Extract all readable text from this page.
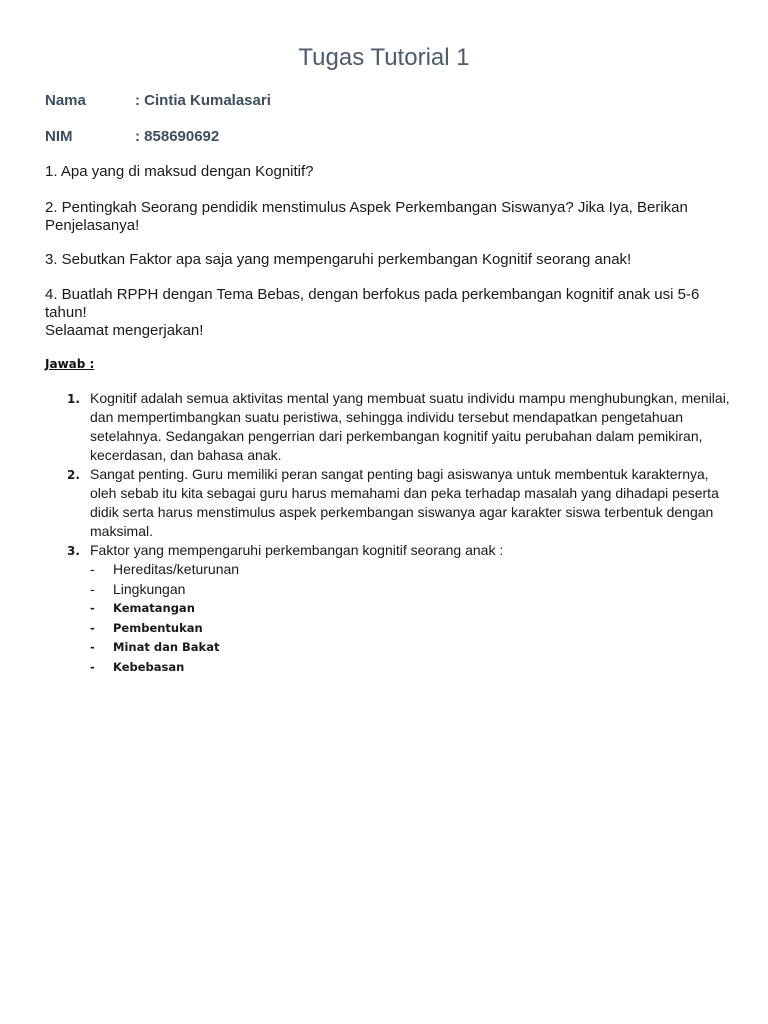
Tugas Tutorial 1
Nama	: Cintia Kumalasari
NIM	: 858690692

1. Apa yang di maksud dengan Kognitif?

2. Pentingkah Seorang pendidik menstimulus Aspek Perkembangan Siswanya? Jika Iya, Berikan Penjelasanya!

3. Sebutkan Faktor apa saja yang mempengaruhi perkembangan Kognitif seorang anak!

4. Buatlah RPPH dengan Tema Bebas, dengan berfokus pada perkembangan kognitif anak usi 5-6 tahun!

Selaamat mengerjakan!

Jawab :
1. Kognitif adalah semua aktivitas mental yang membuat suatu individu mampu menghubungkan, menilai, dan mempertimbangkan suatu peristiwa, sehingga individu tersebut mendapatkan pengetahuan setelahnya. Sedangakan pengerrian dari perkembangan kognitif yaitu perubahan dalam pemikiran, kecerdasan, dan bahasa anak.
2. Sangat penting. Guru memiliki peran sangat penting bagi asiswanya untuk membentuk karakternya, oleh sebab itu kita sebagai guru harus memahami dan peka terhadap masalah yang dihadapi peserta didik serta harus menstimulus aspek perkembangan siswanya agar karakter siswa terbentuk dengan maksimal.
3. Faktor yang mempengaruhi perkembangan kognitif seorang anak :
- Hereditas/keturunan
- Lingkungan
- Kematangan
- Pembentukan
- Minat dan Bakat
- Kebebasan
